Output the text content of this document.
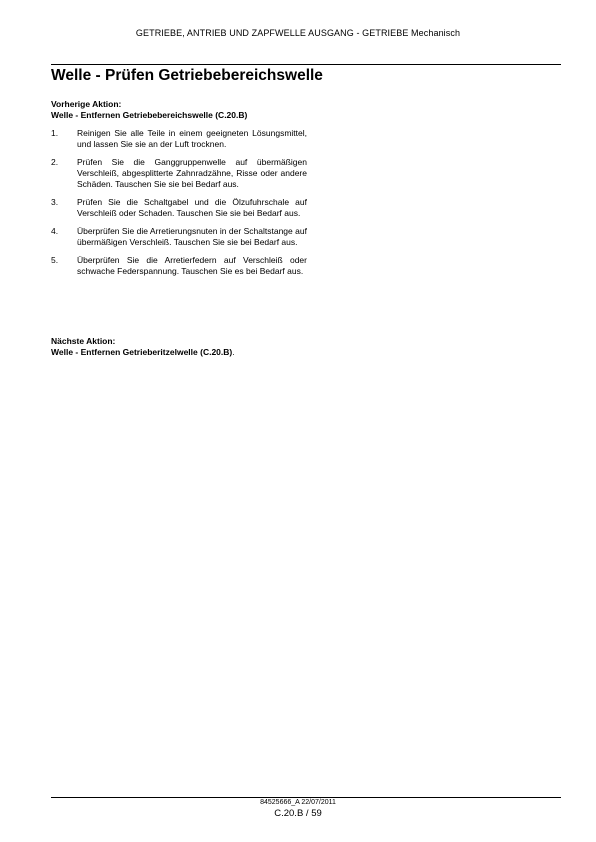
GETRIEBE, ANTRIEB UND ZAPFWELLE AUSGANG - GETRIEBE Mechanisch
Welle - Prüfen Getriebebereichswelle
Vorherige Aktion:
Welle - Entfernen Getriebebereichswelle (C.20.B)
1. Reinigen Sie alle Teile in einem geeigneten Lösungsmittel, und lassen Sie sie an der Luft trocknen.
2. Prüfen Sie die Ganggruppenwelle auf übermäßigen Verschleiß, abgesplitterte Zahnradzähne, Risse oder andere Schäden. Tauschen Sie sie bei Bedarf aus.
3. Prüfen Sie die Schaltgabel und die Ölzufuhrschale auf Verschleiß oder Schaden. Tauschen Sie sie bei Bedarf aus.
4. Überprüfen Sie die Arretierungsnuten in der Schaltstange auf übermäßigen Verschleiß. Tauschen Sie sie bei Bedarf aus.
5. Überprüfen Sie die Arretierfedern auf Verschleiß oder schwache Federspannung. Tauschen Sie es bei Bedarf aus.
Nächste Aktion:
Welle - Entfernen Getrieberitzelwelle (C.20.B).
84525666_A 22/07/2011
C.20.B / 59
